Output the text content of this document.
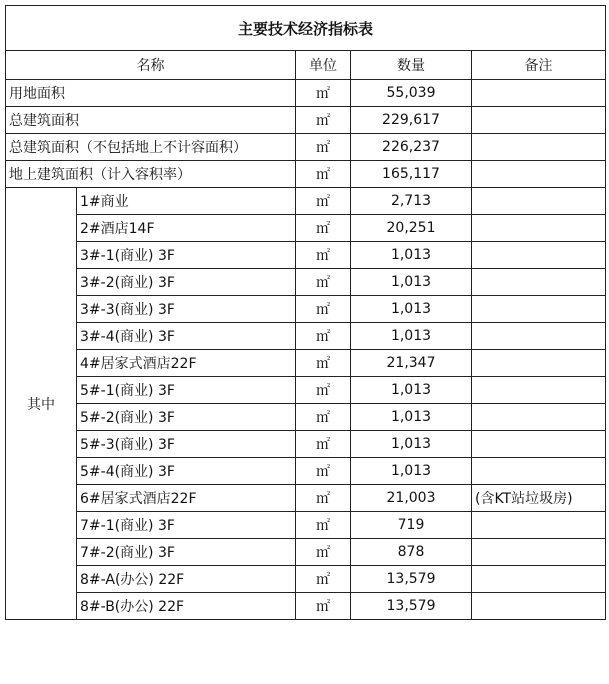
主要技术经济指标表				
名称		单位	数量	备注
用地面积		㎡	55,039	
总建筑面积		㎡	229,617	
总建筑面积（不包括地上不计容面积）		㎡	226,237	
地上建筑面积（计入容积率）		㎡	165,117	
其中	1#商业	㎡	2,713	
	2#酒店14F	㎡	20,251	
	3#-1(商业) 3F	㎡	1,013	
	3#-2(商业) 3F	㎡	1,013	
	3#-3(商业) 3F	㎡	1,013	
	3#-4(商业) 3F	㎡	1,013	
	4#居家式酒店22F	㎡	21,347	
	5#-1(商业) 3F	㎡	1,013	
	5#-2(商业) 3F	㎡	1,013	
	5#-3(商业) 3F	㎡	1,013	
	5#-4(商业) 3F	㎡	1,013	
	6#居家式酒店22F	㎡	21,003	(含KT站垃圾房)
	7#-1(商业) 3F	㎡	719	
	7#-2(商业) 3F	㎡	878	
	8#-A(办公) 22F	㎡	13,579	
	8#-B(办公) 22F	㎡	13,579	
